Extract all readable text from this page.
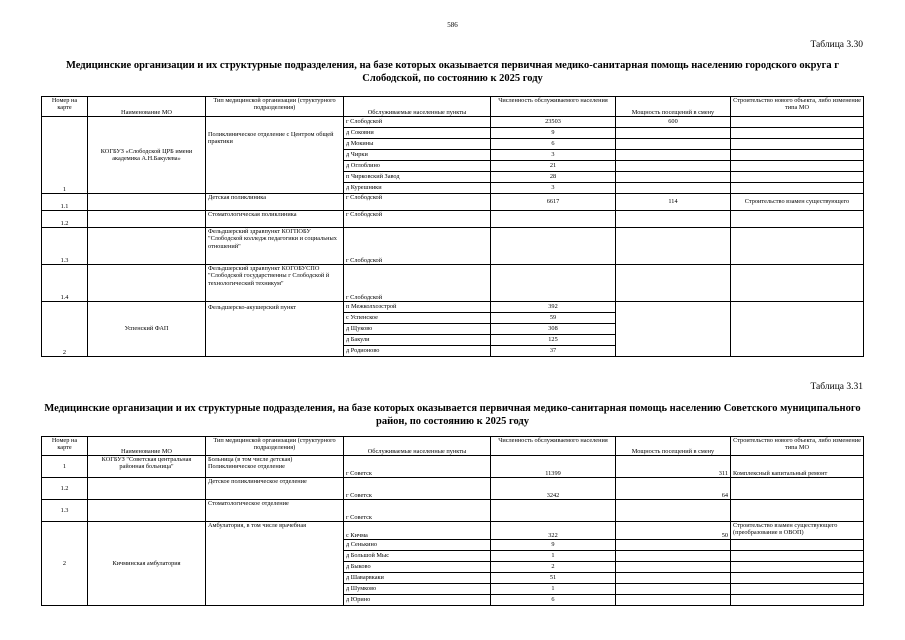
586
Таблица 3.30
Медицинские организации и их структурные подразделения, на базе которых оказывается первичная медико-санитарная помощь населению городского округа г Слободской, по состоянию к 2025 году
Номер на карте	Наименование МО	Тип медицинской организации (структурного подразделения)	Обслуживаемые населенные пункты	Численность обслуживаемого населения	Мощность посещений в смену	Строительство нового объекта, либо изменение типа МО
1	КОГБУЗ «Слободской ЦРБ имени академика А.Н.Бакулева»	Поликлиническое отделение с Центром общей практики	г Слободской	23503	600	
			д Соковни	9		
			д Мокины	6		
			д Чирки	3		
			д Оглоблино	21		
			п Чирковский Завод	28		
			д Курешники	3		
1.1		Детская поликлиника	г Слободской	6617	114	Строительство взамен существующего
1.2		Стоматологическая поликлиника	г Слободской			
1.3		Фельдшерский здравпункт КОГПОБУ "Слободской колледж педагогики и социальных отношений"	г Слободской			
1.4		Фельдшерский здравпункт КОГОБУСПО "Слободской государственны г Слободской й технологический техникум"	г Слободской			
2	Успенский ФАП	Фельдшерско-акушерский пункт	п Межколхозстрой	392		
			с Успенское	59		
			д Щуково	308		
			д Бакули	125		
			д Родионово	37		
Таблица 3.31
Медицинские организации и их структурные подразделения, на базе которых оказывается первичная медико-санитарная помощь населению Советского муниципального район, по состоянию к 2025 году
Номер на карте	Наименование МО	Тип медицинской организации (структурного подразделения)	Обслуживаемые населенные пункты	Численность обслуживаемого населения	Мощность посещений в смену	Строительство нового объекта, либо изменение типа МО
1	КОГБУЗ "Советская центральная районная больница"	Больница (в том числе детская) Поликлиническое отделение	г Советск	11399	311	Комплексный капитальный ремонт
1.2		Детское поликлиническое отделение	г Советск	3242	64	
1.3		Стоматологическое отделение	г Советск			
2	Кичминская амбулатория	Амбулатория, в том числе врачебная	с Кичма	322	50	Строительство взамен существующего (преобразование в ОВОП)
			д Сенькино	9		
			д Большой Мыс	1		
			д Быково	2		
			д Шаварвкаки	51		
			д Шумково	1		
			д Юрино	6		
